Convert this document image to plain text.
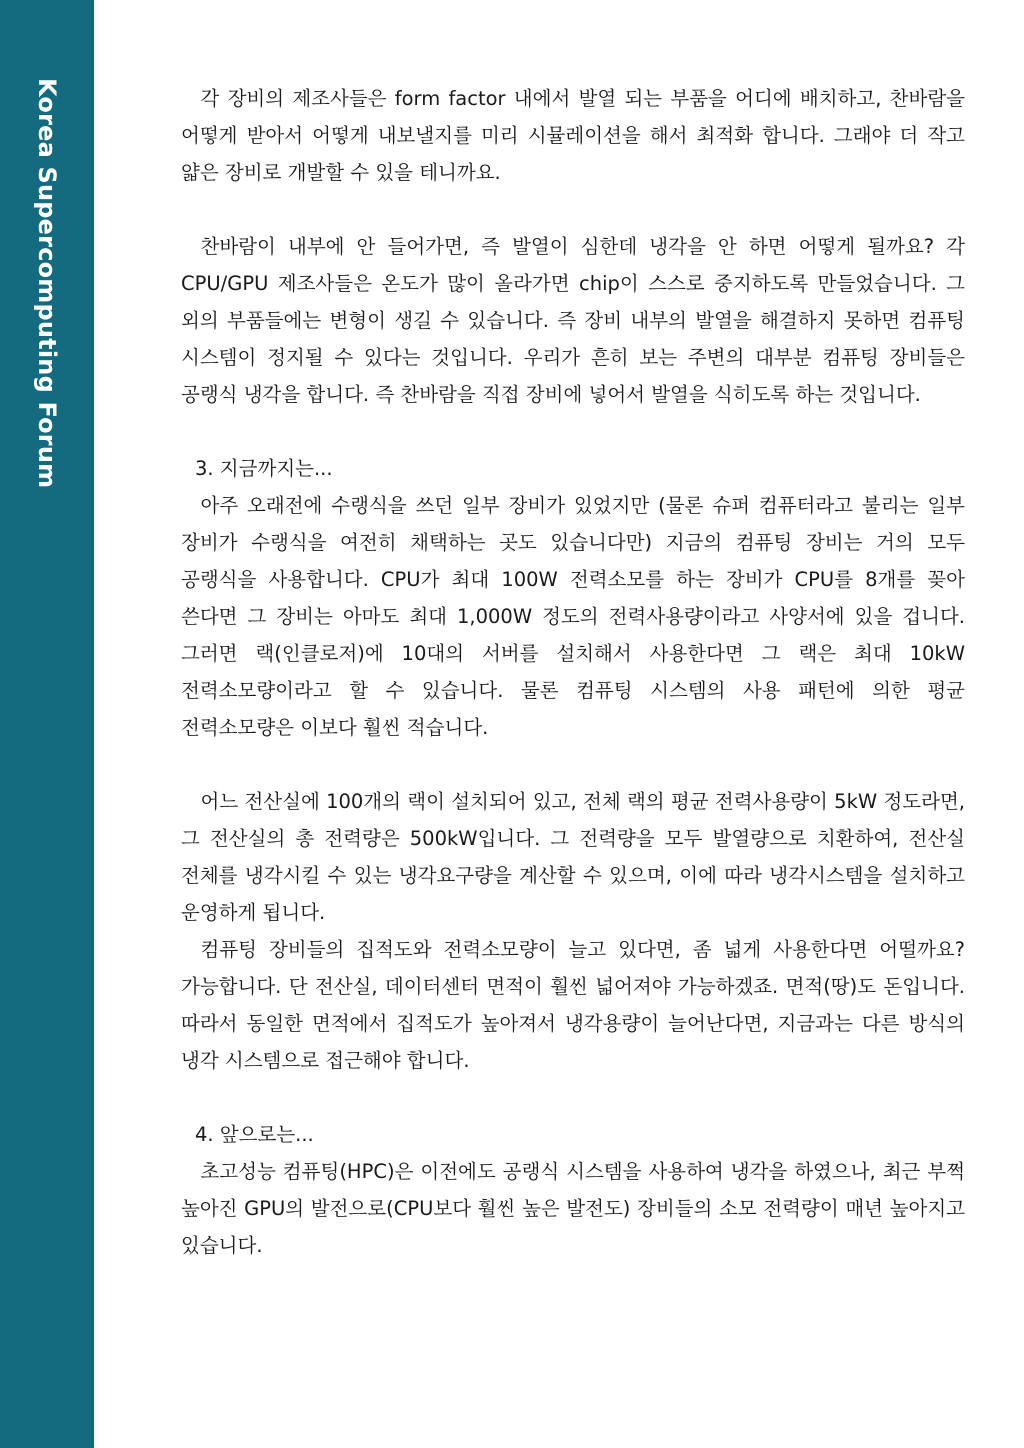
Korea Supercomputing Forum	각 장비의 제조사들은 form factor 내에서 발열 되는 부품을 어디에 배치하고, 찬바람을 어떻게 받아서 어떻게 내보낼지를 미리 시뮬레이션을 해서 최적화 합니다. 그래야 더 작고 얇은 장비로 개발할 수 있을 테니까요.

찬바람이 내부에 안 들어가면, 즉 발열이 심한데 냉각을 안 하면 어떻게 될까요? 각 CPU/GPU 제조사들은 온도가 많이 올라가면 chip이 스스로 중지하도록 만들었습니다. 그 외의 부품들에는 변형이 생길 수 있습니다. 즉 장비 내부의 발열을 해결하지 못하면 컴퓨팅 시스템이 정지될 수 있다는 것입니다. 우리가 흔히 보는 주변의 대부분 컴퓨팅 장비들은 공랭식 냉각을 합니다. 즉 찬바람을 직접 장비에 넣어서 발열을 식히도록 하는 것입니다.

3. 지금까지는...

아주 오래전에 수랭식을 쓰던 일부 장비가 있었지만 (물론 슈퍼 컴퓨터라고 불리는 일부 장비가 수랭식을 여전히 채택하는 곳도 있습니다만) 지금의 컴퓨팅 장비는 거의 모두 공랭식을 사용합니다. CPU가 최대 100W 전력소모를 하는 장비가 CPU를 8개를 꽂아 쓴다면 그 장비는 아마도 최대 1,000W 정도의 전력사용량이라고 사양서에 있을 겁니다. 그러면 랙(인클로저)에 10대의 서버를 설치해서 사용한다면 그 랙은 최대 10kW 전력소모량이라고 할 수 있습니다. 물론 컴퓨팅 시스템의 사용 패턴에 의한 평균 전력소모량은 이보다 훨씬 적습니다.

어느 전산실에 100개의 랙이 설치되어 있고, 전체 랙의 평균 전력사용량이 5kW 정도라면, 그 전산실의 총 전력량은 500kW입니다. 그 전력량을 모두 발열량으로 치환하여, 전산실 전체를 냉각시킬 수 있는 냉각요구량을 계산할 수 있으며, 이에 따라 냉각시스템을 설치하고 운영하게 됩니다.

컴퓨팅 장비들의 집적도와 전력소모량이 늘고 있다면, 좀 넓게 사용한다면 어떨까요? 가능합니다. 단 전산실, 데이터센터 면적이 훨씬 넓어져야 가능하겠죠. 면적(땅)도 돈입니다. 따라서 동일한 면적에서 집적도가 높아져서 냉각용량이 늘어난다면, 지금과는 다른 방식의 냉각 시스템으로 접근해야 합니다.

4. 앞으로는...

초고성능 컴퓨팅(HPC)은 이전에도 공랭식 시스템을 사용하여 냉각을 하였으나, 최근 부쩍 높아진 GPU의 발전으로(CPU보다 훨씬 높은 발전도) 장비들의 소모 전력량이 매년 높아지고 있습니다.
